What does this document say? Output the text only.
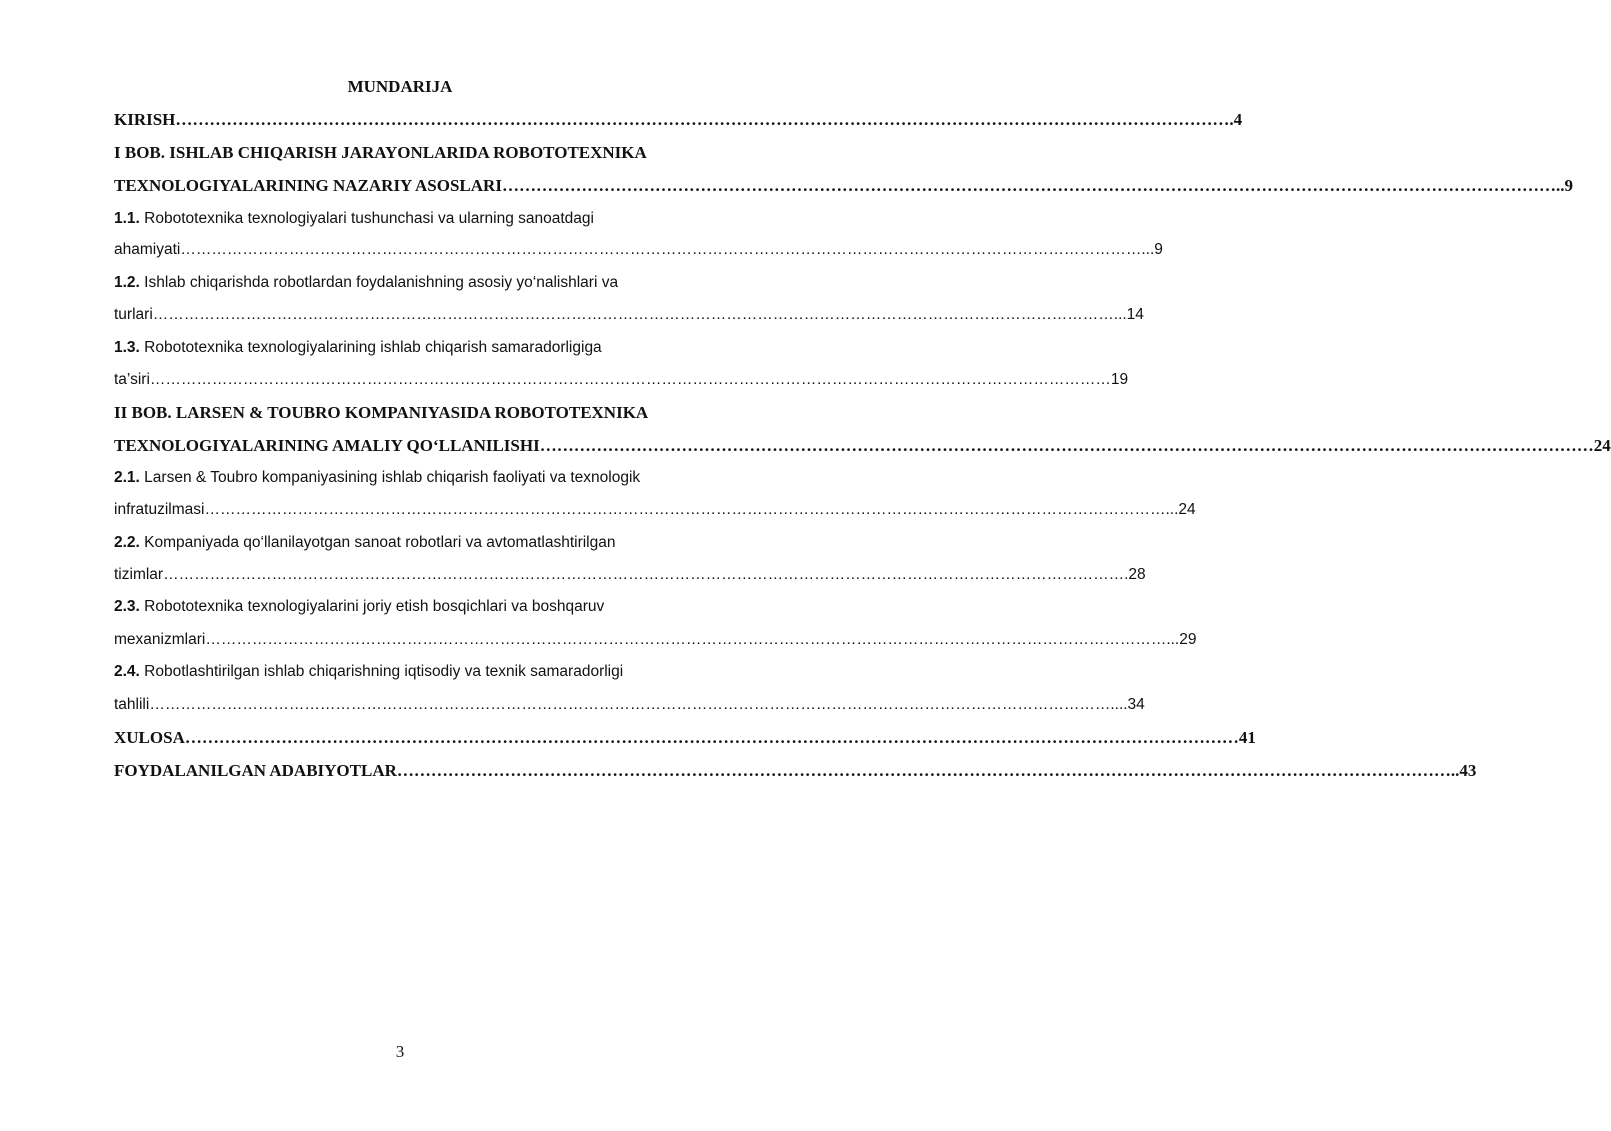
MUNDARIJA
KIRISH …………………………………………………………………………………………………………………………………………………………………… .4
I BOB. ISHLAB CHIQARISH JARAYONLARIDA ROBOTOTEXNIKA
TEXNOLOGIYALARINING NAZARIY ASOSLARI …………………………………………………………………………………………………………………………………………………………………… ..9
1.1. Robototexnika texnologiyalari tushunchasi va ularning sanoatdagi
ahamiyati …………………………………………………………………………………………………………………………………………………………………… ...9
1.2. Ishlab chiqarishda robotlardan foydalanishning asosiy yo‘nalishlari va
turlari …………………………………………………………………………………………………………………………………………………………………… ...14
1.3. Robototexnika texnologiyalarining ishlab chiqarish samaradorligiga
ta’siri …………………………………………………………………………………………………………………………………………………………………… 19
II BOB. LARSEN & TOUBRO KOMPANIYASIDA ROBOTOTEXNIKA
TEXNOLOGIYALARINING AMALIY QO‘LLANILISHI …………………………………………………………………………………………………………………………………………………………………… 24
2.1. Larsen & Toubro kompaniyasining ishlab chiqarish faoliyati va texnologik
infratuzilmasi …………………………………………………………………………………………………………………………………………………………………… ...24
2.2. Kompaniyada qo‘llanilayotgan sanoat robotlari va avtomatlashtirilgan
tizimlar …………………………………………………………………………………………………………………………………………………………………… .28
2.3. Robototexnika texnologiyalarini joriy etish bosqichlari va boshqaruv
mexanizmlari …………………………………………………………………………………………………………………………………………………………………… ...29
2.4. Robotlashtirilgan ishlab chiqarishning iqtisodiy va texnik samaradorligi
tahlili …………………………………………………………………………………………………………………………………………………………………… ....34
XULOSA …………………………………………………………………………………………………………………………………………………………………… 41
FOYDALANILGAN ADABIYOTLAR …………………………………………………………………………………………………………………………………………………………………… ..43
3
